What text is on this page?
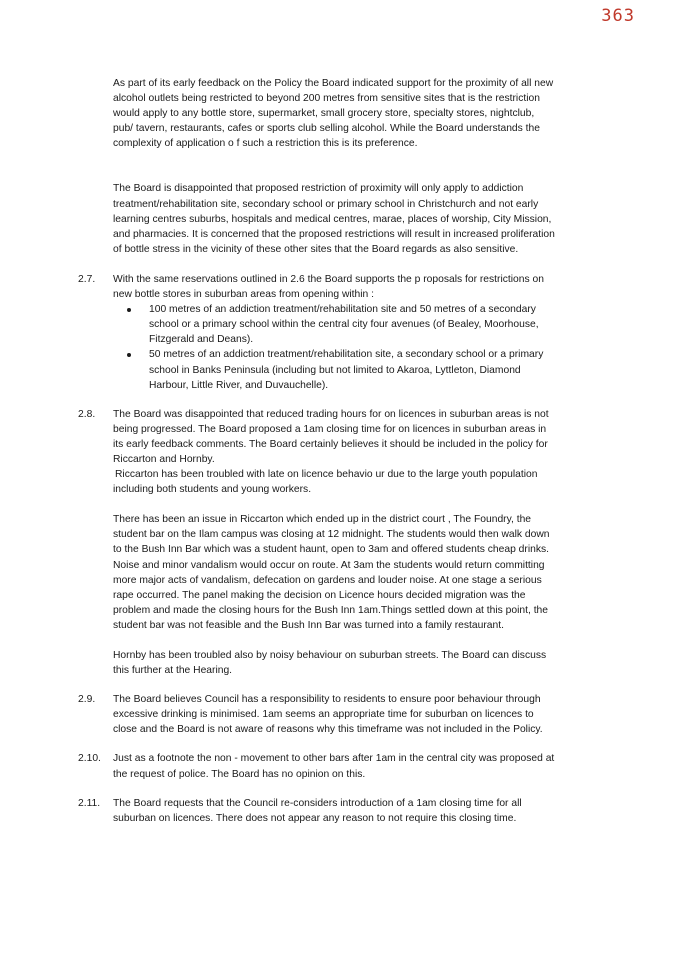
363

As part of its early feedback on the Policy the Board indicated support for the proximity of all new alcohol outlets being restricted to beyond 200 metres from sensitive sites that is the restriction would apply to any bottle store, supermarket, small grocery store, specialty stores, nightclub, pub/ tavern, restaurants, cafes or sports club selling alcohol. While the Board understands the complexity of application o f such a restriction this is its preference.

The Board is disappointed that proposed restriction of proximity will only apply to addiction treatment/rehabilitation site, secondary school or primary school in Christchurch and not early learning centres suburbs, hospitals and medical centres, marae, places of worship, City Mission, and pharmacies. It is concerned that the proposed restrictions will result in increased proliferation of bottle stress in the vicinity of these other sites that the Board regards as also sensitive.

2.7. With the same reservations outlined in 2.6 the Board supports the p roposals for restrictions on new bottle stores in suburban areas from opening within :

100 metres of an addiction treatment/rehabilitation site and 50 metres of a secondary school or a primary school within the central city four avenues (of Bealey, Moorhouse, Fitzgerald and Deans).
50 metres of an addiction treatment/rehabilitation site, a secondary school or a primary school in Banks Peninsula (including but not limited to Akaroa, Lyttleton, Diamond Harbour, Little River, and Duvauchelle).
2.8. The Board was disappointed that reduced trading hours for on licences in suburban areas is not being progressed. The Board proposed a 1am closing time for on licences in suburban areas in its early feedback comments. The Board certainly believes it should be included in the policy for Riccarton and Hornby.

Riccarton has been troubled with late on licence behavio ur due to the large youth population including both students and young workers.

There has been an issue in Riccarton which ended up in the district court , The Foundry, the student bar on the Ilam campus was closing at 12 midnight. The students would then walk down to the Bush Inn Bar which was a student haunt, open to 3am and offered students cheap drinks. Noise and minor vandalism would occur on route. At 3am the students would return committing more major acts of vandalism, defecation on gardens and louder noise. At one stage a serious rape occurred. The panel making the decision on Licence hours decided migration was the problem and made the closing hours for the Bush Inn 1am.Things settled down at this point, the student bar was not feasible and the Bush Inn Bar was turned into a family restaurant.

Hornby has been troubled also by noisy behaviour on suburban streets. The Board can discuss this further at the Hearing.

2.9. The Board believes Council has a responsibility to residents to ensure poor behaviour through excessive drinking is minimised. 1am seems an appropriate time for suburban on licences to close and the Board is not aware of reasons why this timeframe was not included in the Policy.

2.10. Just as a footnote the non - movement to other bars after 1am in the central city was proposed at the request of police. The Board has no opinion on this.

2.11. The Board requests that the Council re-considers introduction of a 1am closing time for all suburban on licences. There does not appear any reason to not require this closing time.
